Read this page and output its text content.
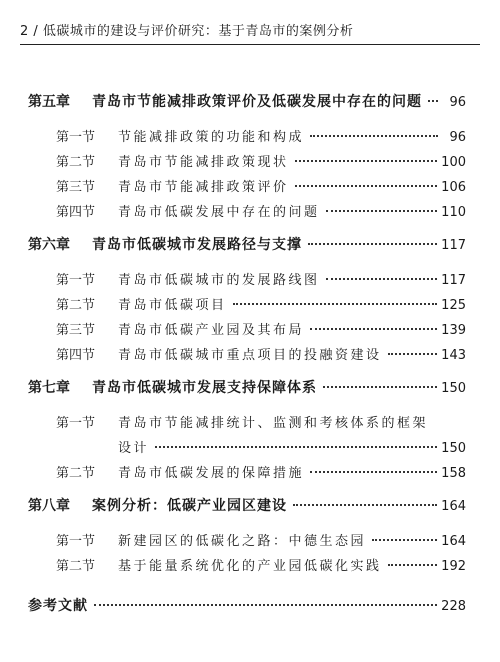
2 / 低碳城市的建设与评价研究：基于青岛市的案例分析
第五章	青岛市节能减排政策评价及低碳发展中存在的问题	96
第一节	节能减排政策的功能和构成	96
第二节	青岛市节能减排政策现状	100
第三节	青岛市节能减排政策评价	106
第四节	青岛市低碳发展中存在的问题	110
第六章	青岛市低碳城市发展路径与支撑	117
第一节	青岛市低碳城市的发展路线图	117
第二节	青岛市低碳项目	125
第三节	青岛市低碳产业园及其布局	139
第四节	青岛市低碳城市重点项目的投融资建设	143
第七章	青岛市低碳城市发展支持保障体系	150
第一节	青岛市节能减排统计、监测和考核体系的框架
设计	150
第二节	青岛市低碳发展的保障措施	158
第八章	案例分析：低碳产业园区建设	164
第一节	新建园区的低碳化之路：中德生态园	164
第二节	基于能量系统优化的产业园低碳化实践	192
参考文献	228
